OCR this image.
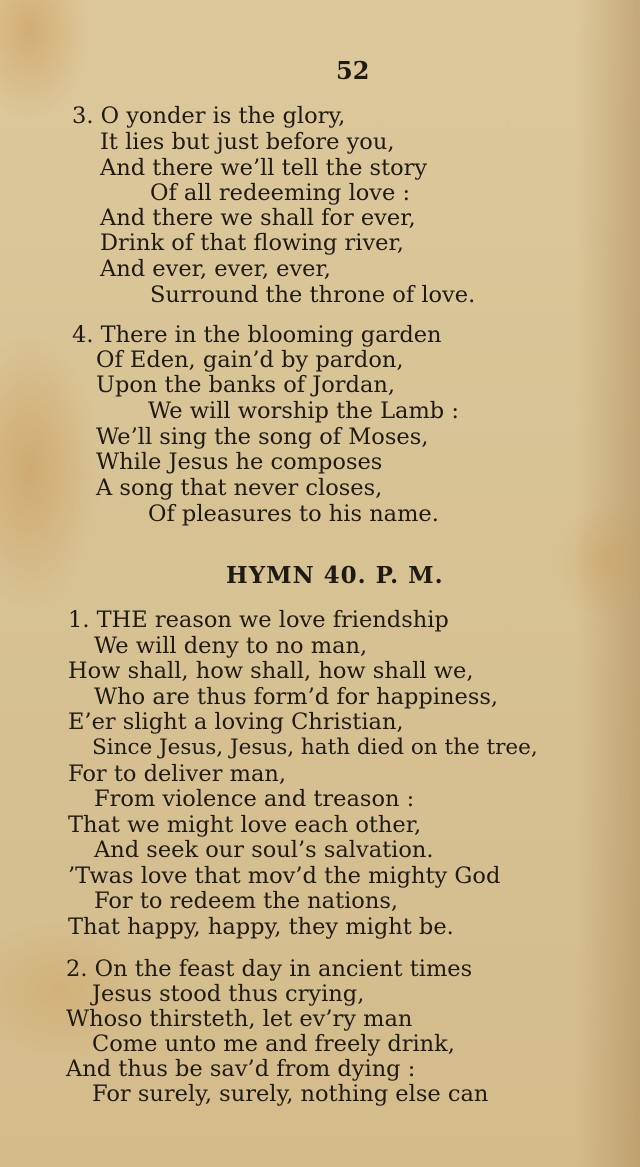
52
3. O yonder is the glory,
It lies but just before you,
And there we’ll tell the story
Of all redeeming love :
And there we shall for ever,
Drink of that flowing river,
And ever, ever, ever,
Surround the throne of love.
4. There in the blooming garden
Of Eden, gain’d by pardon,
Upon the banks of Jordan,
We will worship the Lamb :
We’ll sing the song of Moses,
While Jesus he composes
A song that never closes,
Of pleasures to his name.
HYMN 40. P. M.
1. THE reason we love friendship
We will deny to no man,
How shall, how shall, how shall we,
Who are thus form’d for happiness,
E’er slight a loving Christian,
Since Jesus, Jesus, hath died on the tree,
For to deliver man,
From violence and treason :
That we might love each other,
And seek our soul’s salvation.
’Twas love that mov’d the mighty God
For to redeem the nations,
That happy, happy, they might be.
2. On the feast day in ancient times
Jesus stood thus crying,
Whoso thirsteth, let ev’ry man
Come unto me and freely drink,
And thus be sav’d from dying :
For surely, surely, nothing else can
